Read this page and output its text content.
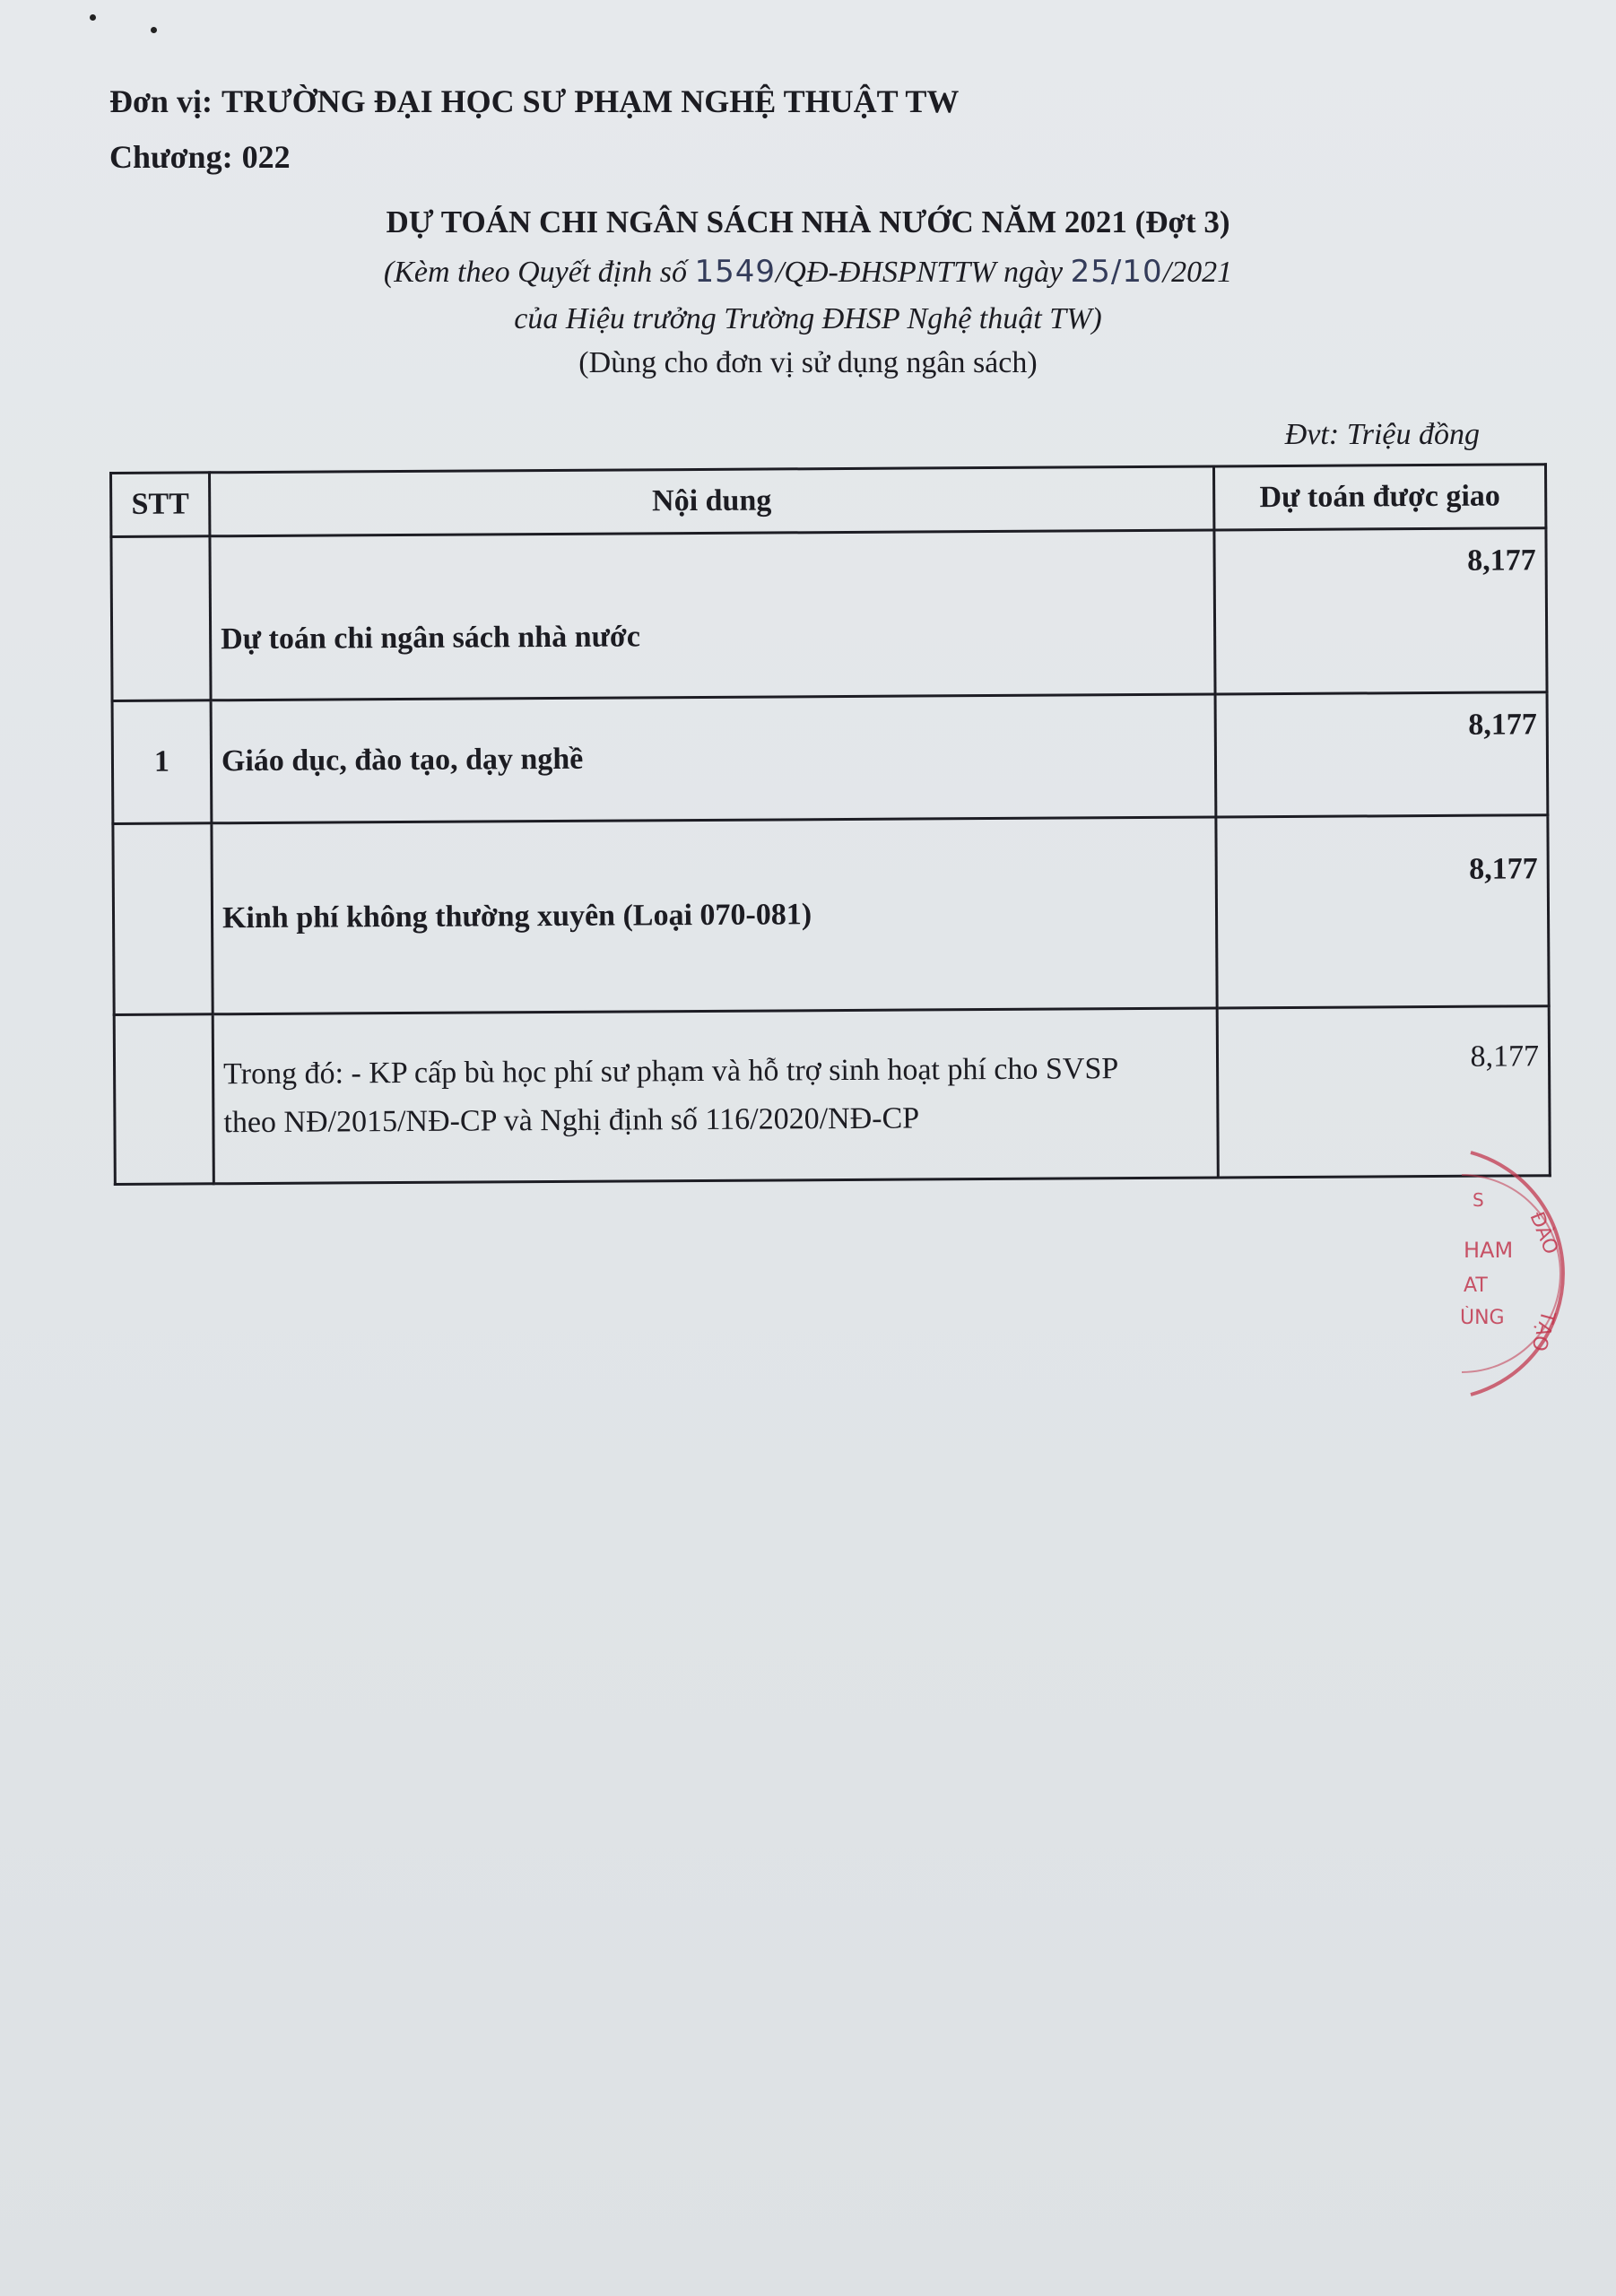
Đơn vị: TRƯỜNG ĐẠI HỌC SƯ PHẠM NGHỆ THUẬT TW
Chương: 022
DỰ TOÁN CHI NGÂN SÁCH NHÀ NƯỚC NĂM 2021 (Đợt 3)
(Kèm theo Quyết định số 1549/QĐ-ĐHSPNTTW ngày 25/10/2021
của Hiệu trưởng Trường ĐHSP Nghệ thuật TW)
(Dùng cho đơn vị sử dụng ngân sách)
Đvt: Triệu đồng
STT	Nội dung	Dự toán được giao
	Dự toán chi ngân sách nhà nước	8,177
1	Giáo dục, đào tạo, dạy nghề	8,177
	Kinh phí không thường xuyên (Loại 070-081)	8,177

	Trong đó: - KP cấp bù học phí sư phạm và hỗ trợ sinh hoạt phí cho SVSP
theo NĐ/2015/NĐ-CP và Nghị định số 116/2020/NĐ-CP	8,177
S
HAM
AT
ÙNG
ĐÀO
TẠO
